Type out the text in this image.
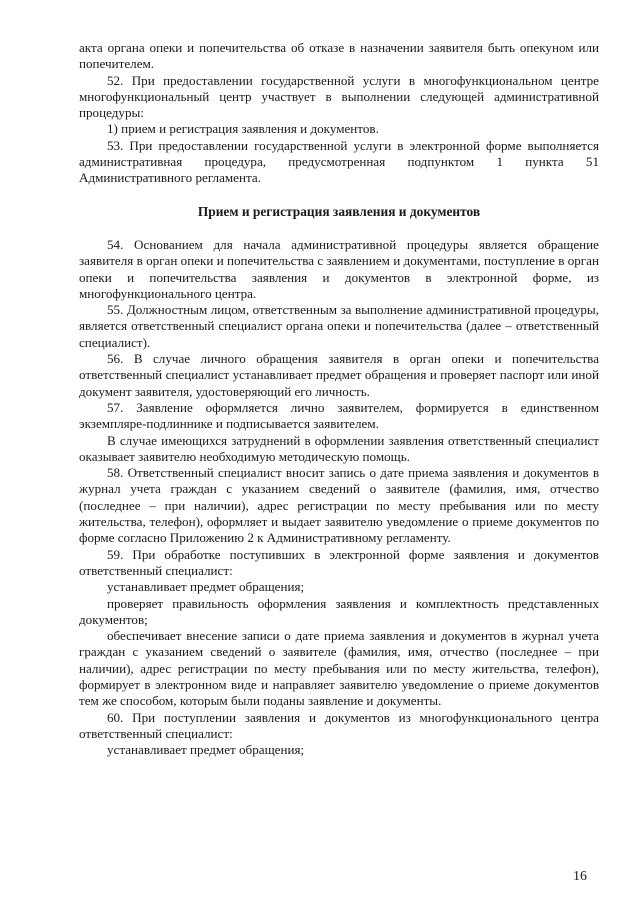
акта органа опеки и попечительства об отказе в назначении заявителя быть опекуном или попечителем.

52. При предоставлении государственной услуги в многофункциональном центре многофункциональный центр участвует в выполнении следующей административной процедуры:

1) прием и регистрация заявления и документов.

53. При предоставлении государственной услуги в электронной форме выполняется административная процедура, предусмотренная подпунктом 1 пункта 51 Административного регламента.

Прием и регистрация заявления и документов

54. Основанием для начала административной процедуры является обращение заявителя в орган опеки и попечительства с заявлением и документами, поступление в орган опеки и попечительства заявления и документов в электронной форме, из многофункционального центра.

55. Должностным лицом, ответственным за выполнение административной процедуры, является ответственный специалист органа опеки и попечительства (далее – ответственный специалист).

56. В случае личного обращения заявителя в орган опеки и попечительства ответственный специалист устанавливает предмет обращения и проверяет паспорт или иной документ заявителя, удостоверяющий его личность.

57. Заявление оформляется лично заявителем, формируется в единственном экземпляре-подлиннике и подписывается заявителем.

В случае имеющихся затруднений в оформлении заявления ответственный специалист оказывает заявителю необходимую методическую помощь.

58. Ответственный специалист вносит запись о дате приема заявления и документов в журнал учета граждан с указанием сведений о заявителе (фамилия, имя, отчество (последнее – при наличии), адрес регистрации по месту пребывания или по месту жительства, телефон), оформляет и выдает заявителю уведомление о приеме документов по форме согласно Приложению 2 к Административному регламенту.

59. При обработке поступивших в электронной форме заявления и документов ответственный специалист:

устанавливает предмет обращения;

проверяет правильность оформления заявления и комплектность представленных документов;

обеспечивает внесение записи о дате приема заявления и документов в журнал учета граждан с указанием сведений о заявителе (фамилия, имя, отчество (последнее – при наличии), адрес регистрации по месту пребывания или по месту жительства, телефон), формирует в электронном виде и направляет заявителю уведомление о приеме документов тем же способом, которым были поданы заявление и документы.

60. При поступлении заявления и документов из многофункционального центра ответственный специалист:

устанавливает предмет обращения;

16
